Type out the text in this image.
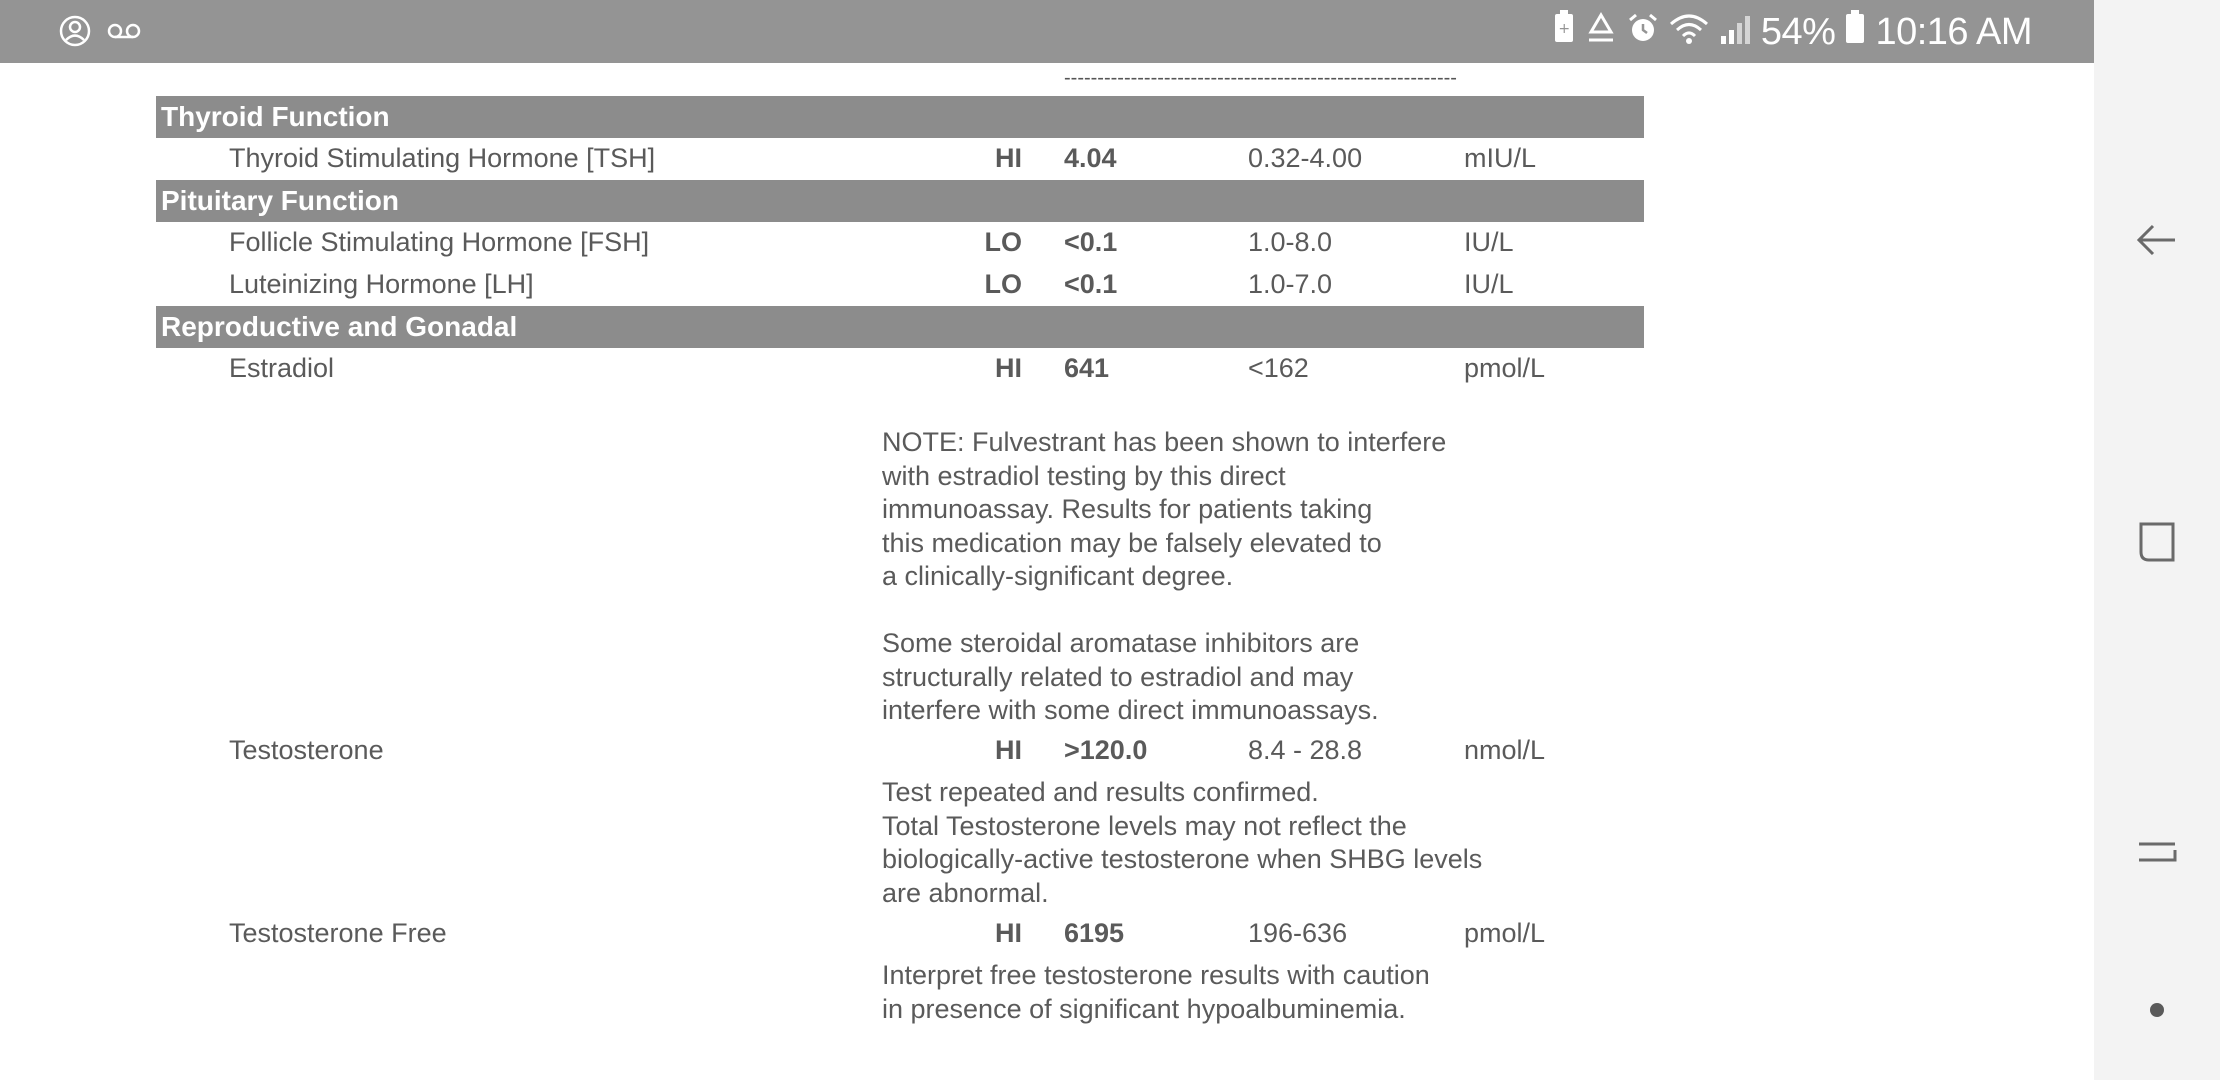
+	54% 10:16 AM
-----------------------------------------------------------
Thyroid Function
Thyroid Stimulating Hormone [TSH]	HI 4.04	0.32-4.00	mIU/L
Pituitary Function
Follicle Stimulating Hormone [FSH]	LO <0.1	1.0-8.0	IU/L
Luteinizing Hormone [LH]	LO <0.1	1.0-7.0	IU/L
Reproductive and Gonadal
Estradiol	HI 641	<162	pmol/L
NOTE: Fulvestrant has been shown to interfere
with estradiol testing by this direct
immunoassay. Results for patients taking
this medication may be falsely elevated to
a clinically-significant degree.
Some steroidal aromatase inhibitors are
structurally related to estradiol and may
interfere with some direct immunoassays.
Testosterone	HI >120.0	8.4 - 28.8	nmol/L
Test repeated and results confirmed.
Total Testosterone levels may not reflect the
biologically-active testosterone when SHBG levels
are abnormal.
Testosterone Free	HI 6195	196-636	pmol/L
Interpret free testosterone results with caution
in presence of significant hypoalbuminemia.
